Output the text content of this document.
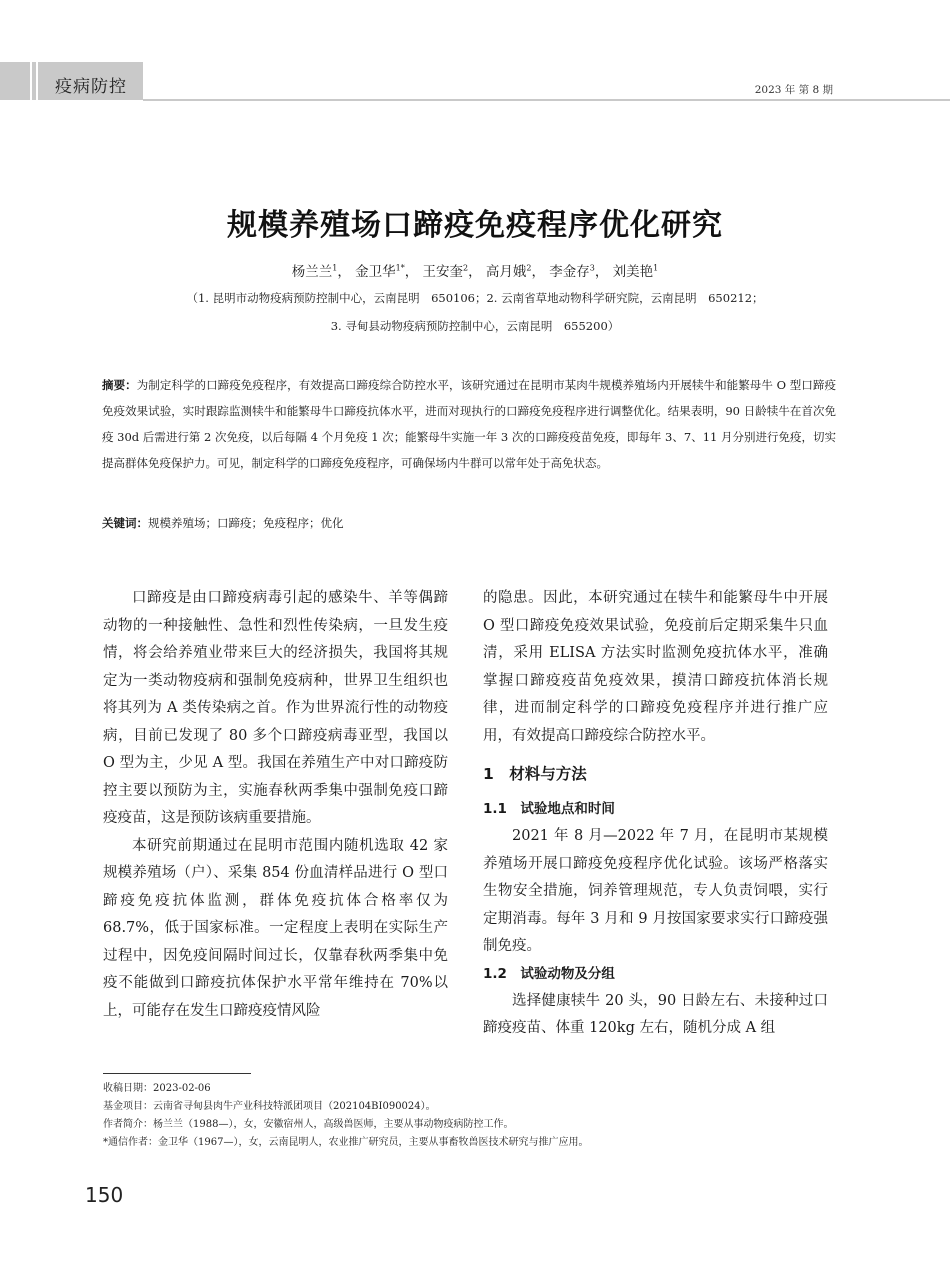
疫病防控	2023 年 第 8 期
规模养殖场口蹄疫免疫程序优化研究
杨兰兰$^1$， 金卫华$^{1*}$， 王安奎$^2$， 高月娥$^2$， 李金存$^3$， 刘美艳$^1$
（1. 昆明市动物疫病预防控制中心，云南昆明　650106；2. 云南省草地动物科学研究院，云南昆明　650212；
3. 寻甸县动物疫病预防控制中心，云南昆明　655200）
摘要：为制定科学的口蹄疫免疫程序，有效提高口蹄疫综合防控水平，该研究通过在昆明市某肉牛规模养殖场内开展犊牛和能繁母牛 O 型口蹄疫免疫效果试验，实时跟踪监测犊牛和能繁母牛口蹄疫抗体水平，进而对现执行的口蹄疫免疫程序进行调整优化。结果表明，90 日龄犊牛在首次免疫 30d 后需进行第 2 次免疫，以后每隔 4 个月免疫 1 次；能繁母牛实施一年 3 次的口蹄疫疫苗免疫，即每年 3、7、11 月分别进行免疫，切实提高群体免疫保护力。可见，制定科学的口蹄疫免疫程序，可确保场内牛群可以常年处于高免状态。
关键词：规模养殖场；口蹄疫；免疫程序；优化

口蹄疫是由口蹄疫病毒引起的感染牛、羊等偶蹄动物的一种接触性、急性和烈性传染病，一旦发生疫情，将会给养殖业带来巨大的经济损失，我国将其规定为一类动物疫病和强制免疫病种，世界卫生组织也将其列为 A 类传染病之首。作为世界流行性的动物疫病，目前已发现了 80 多个口蹄疫病毒亚型，我国以 O 型为主，少见 A 型。我国在养殖生产中对口蹄疫防控主要以预防为主，实施春秋两季集中强制免疫口蹄疫疫苗，这是预防该病重要措施。

本研究前期通过在昆明市范围内随机选取 42 家规模养殖场（户）、采集 854 份血清样品进行 O 型口蹄疫免疫抗体监测，群体免疫抗体合格率仅为 68.7%，低于国家标准。一定程度上表明在实际生产过程中，因免疫间隔时间过长，仅靠春秋两季集中免疫不能做到口蹄疫抗体保护水平常年维持在 70%以上，可能存在发生口蹄疫疫情风险

的隐患。因此，本研究通过在犊牛和能繁母牛中开展 O 型口蹄疫免疫效果试验，免疫前后定期采集牛只血清，采用 ELISA 方法实时监测免疫抗体水平，准确掌握口蹄疫疫苗免疫效果，摸清口蹄疫抗体消长规律，进而制定科学的口蹄疫免疫程序并进行推广应用，有效提高口蹄疫综合防控水平。

1　材料与方法
1.1　试验地点和时间

2021 年 8 月—2022 年 7 月，在昆明市某规模养殖场开展口蹄疫免疫程序优化试验。该场严格落实生物安全措施，饲养管理规范，专人负责饲喂，实行定期消毒。每年 3 月和 9 月按国家要求实行口蹄疫强制免疫。

1.2　试验动物及分组

选择健康犊牛 20 头，90 日龄左右、未接种过口蹄疫疫苗、体重 120kg 左右，随机分成 A 组

收稿日期：2023-02-06
基金项目：云南省寻甸县肉牛产业科技特派团项目（202104BI090024）。
作者简介：杨兰兰（1988—），女，安徽宿州人，高级兽医师，主要从事动物疫病防控工作。
*通信作者：金卫华（1967—），女，云南昆明人，农业推广研究员，主要从事畜牧兽医技术研究与推广应用。
150
